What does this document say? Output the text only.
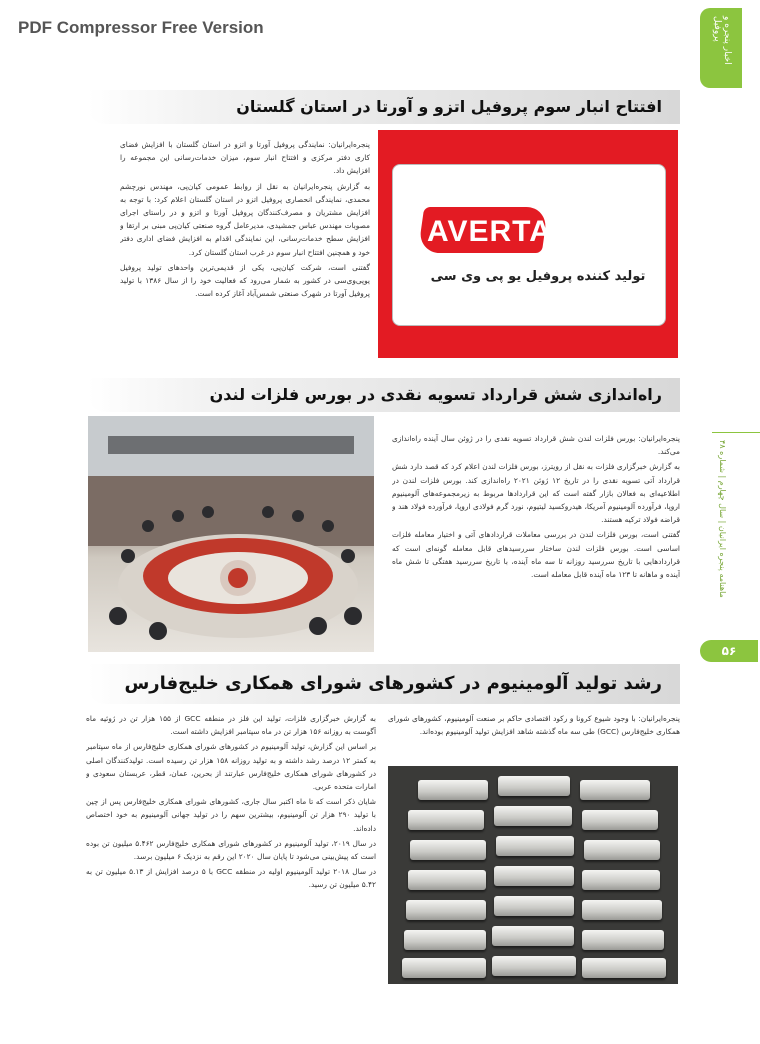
PDF Compressor Free Version	اخبار پنجره و پروفیل
ماهنامه پنجره ایرانیان | سال چهارم | شماره ۴۸
۵۶
افتتاح انبار سوم پروفیل اتزو و آورتا در استان گلستان

پنجره‌ایرانیان: نمایندگی پروفیل آورتا و اتزو در استان گلستان با افزایش فضای کاری دفتر مرکزی و افتتاح انبار سوم، میزان خدمات‌رسانی این مجموعه را افزایش داد.

به گزارش پنجره‌ایرانیان به نقل از روابط عمومی کیان‌پی، مهندس نورچشم محمدی، نمایندگی انحصاری پروفیل اتزو در استان گلستان اعلام کرد: با توجه به افزایش مشتریان و مصرف‌کنندگان پروفیل آورتا و اتزو و در راستای اجرای مصوبات مهندس عباس جمشیدی، مدیرعامل گروه صنعتی کیان‌پی مبنی بر ارتقا و افزایش سطح خدمات‌رسانی، این نمایندگی اقدام به افزایش فضای اداری دفتر خود و همچنین افتتاح انبار سوم در غرب استان گلستان کرد.

گفتنی است، شرکت کیان‌پی، یکی از قدیمی‌ترین واحدهای تولید پروفیل یو‌پی‌وی‌سی در کشور به شمار می‌رود که فعالیت خود را از سال ۱۳۸۶ با تولید پروفیل آورتا در شهرک صنعتی شمس‌آباد آغاز کرده است.

AVERTA
تولید کننده پروفیل یو پی وی سی
راه‌اندازی شش قرارداد تسویه نقدی در بورس فلزات لندن

پنجره‌ایرانیان: بورس فلزات لندن شش قرارداد تسویه نقدی را در ژوئن سال آینده راه‌اندازی می‌کند.

به گزارش خبرگزاری فلزات به نقل از رویترز، بورس فلزات لندن اعلام کرد که قصد دارد شش قرارداد آتی تسویه نقدی را در تاریخ ۱۲ ژوئن ۲۰۲۱ راه‌اندازی کند. بورس فلزات لندن در اطلاعیه‌ای به فعالان بازار گفته است که این قراردادها مربوط به زیرمجموعه‌های آلومینیوم اروپا، فرآورده آلومینیوم آمریکا، هیدروکسید لیتیوم، نورد گرم فولادی اروپا، فرآورده فولاد هند و قراضه فولاد ترکیه هستند.

گفتنی است، بورس فلزات لندن در بررسی معاملات قراردادهای آتی و اختیار معامله فلزات اساسی است. بورس فلزات لندن ساختار سررسیدهای قابل معامله گونه‌ای است که قراردادهایی با تاریخ سررسید روزانه تا سه ماه آینده، با تاریخ سررسید هفتگی تا شش ماه آینده و ماهانه تا ۱۲۳ ماه آینده قابل معامله است.

رشد تولید آلومینیوم در کشورهای شورای همکاری خلیج‌فارس

پنجره‌ایرانیان: با وجود شیوع کرونا و رکود اقتصادی حاکم بر صنعت آلومینیوم، کشورهای شورای همکاری خلیج‌فارس (GCC) طی سه ماه گذشته شاهد افزایش تولید آلومینیوم بوده‌اند.

به گزارش خبرگزاری فلزات، تولید این فلز در منطقه GCC از ۱۵۵ هزار تن در ژوئیه ماه آگوست به روزانه ۱۵۶ هزار تن در ماه سپتامبر افزایش داشته است.

بر اساس این گزارش، تولید آلومینیوم در کشورهای شورای همکاری خلیج‌فارس از ماه سپتامبر به کمتر ۱۲ درصد رشد داشته و به تولید روزانه ۱۵۸ هزار تن رسیده است. تولیدکنندگان اصلی در کشورهای شورای همکاری خلیج‌فارس عبارتند از بحرین، عمان، قطر، عربستان سعودی و امارات متحده عربی.

شایان ذکر است که تا ماه اکتبر سال جاری، کشورهای شورای همکاری خلیج‌فارس پس از چین با تولید ۲۹۰ هزار تن آلومینیوم، بیشترین سهم را در تولید جهانی آلومینیوم به خود اختصاص داده‌اند.

در سال ۲۰۱۹، تولید آلومینیوم در کشورهای شورای همکاری خلیج‌فارس ۵.۴۶۲ میلیون تن بوده است که پیش‌بینی می‌شود تا پایان سال ۲۰۲۰ این رقم به نزدیک ۶ میلیون برسد.

در سال ۲۰۱۸ تولید آلومینیوم اولیه در منطقه GCC با ۵ درصد افزایش از ۵.۱۳ میلیون تن به ۵.۴۲ میلیون تن رسید.
